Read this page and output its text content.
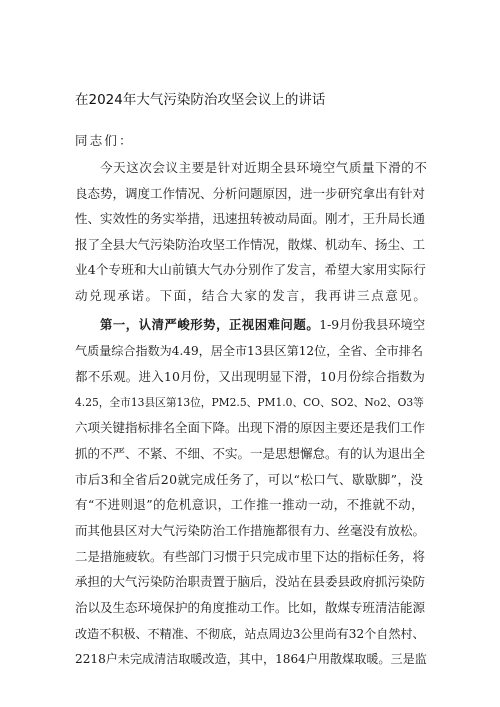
在2024年大气污染防治攻坚会议上的讲话
同志们：
今天这次会议主要是针对近期全县环境空气质量下滑的不
良态势，调度工作情况、分析问题原因，进一步研究拿出有针对
性、实效性的务实举措，迅速扭转被动局面。刚才，王升局长通
报了全县大气污染防治攻坚工作情况，散煤、机动车、扬尘、工
业4个专班和大山前镇大气办分别作了发言，希望大家用实际行
动兑现承诺。下面，结合大家的发言，我再讲三点意见。
第一，认清严峻形势，正视困难问题。1-9月份我县环境空
气质量综合指数为4.49，居全市13县区第12位，全省、全市排名
都不乐观。进入10月份，又出现明显下滑，10月份综合指数为
4.25，全市13县区第13位，PM2.5、PM1.0、CO、SO2、No2、O3等
六项关键指标排名全面下降。出现下滑的原因主要还是我们工作
抓的不严、不紧、不细、不实。一是思想懈怠。有的认为退出全
市后3和全省后20就完成任务了，可以“松口气、歇歇脚”，没
有“不进则退”的危机意识，工作推一推动一动，不推就不动，
而其他县区对大气污染防治工作措施都很有力、丝毫没有放松。
二是措施疲软。有些部门习惯于只完成市里下达的指标任务，将
承担的大气污染防治职责置于脑后，没站在县委县政府抓污染防
治以及生态环境保护的角度推动工作。比如，散煤专班清洁能源
改造不积极、不精准、不彻底，站点周边3公里尚有32个自然村、
2218户未完成清洁取暖改造，其中，1864户用散煤取暖。三是监
